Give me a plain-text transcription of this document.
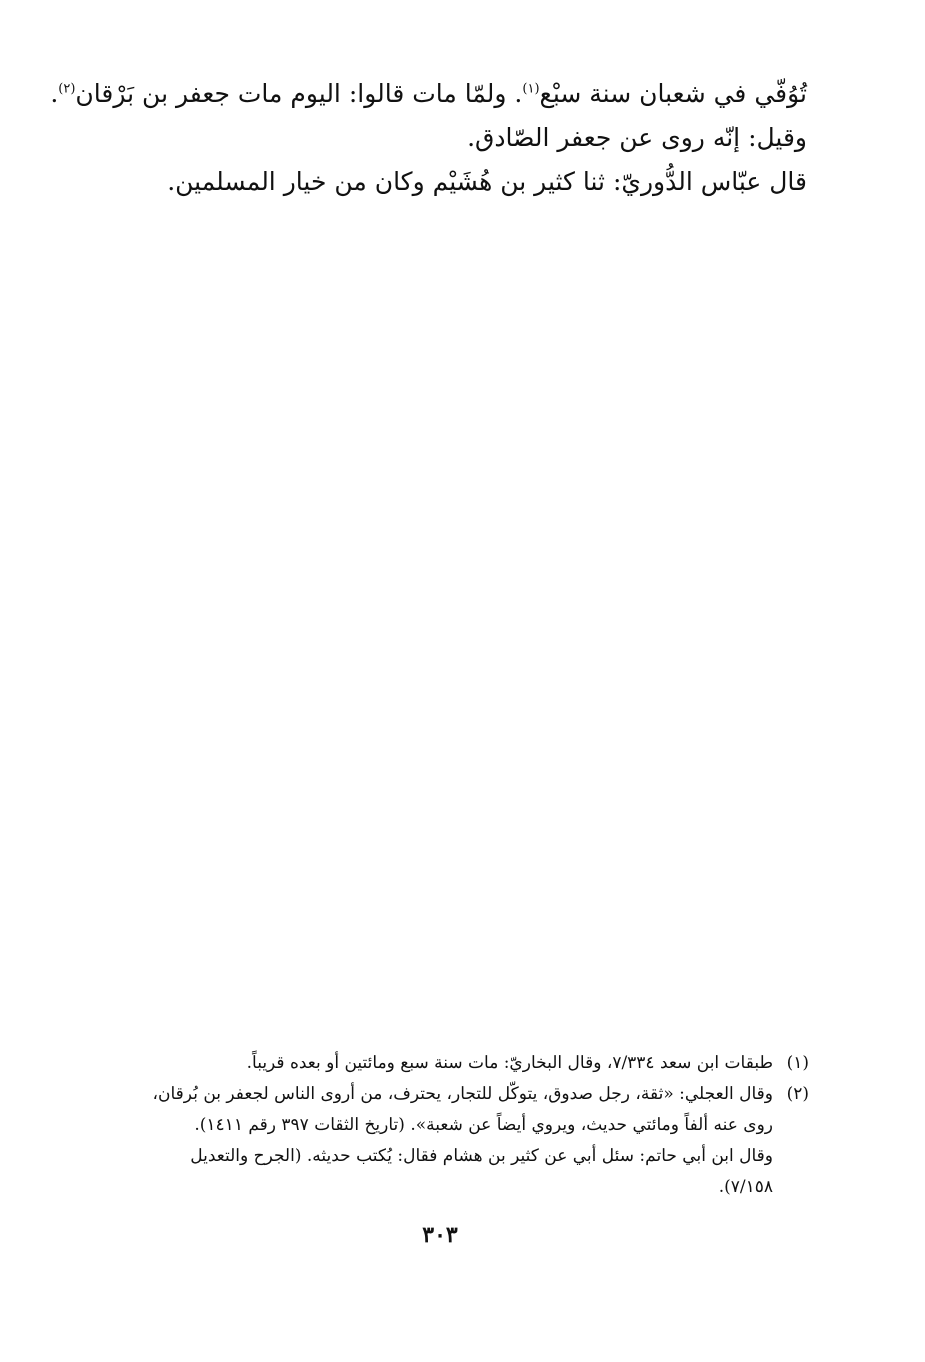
تُوُفّي في شعبان سنة سبْع$^{(١)}$. ولمّا مات قالوا: اليوم مات جعفر بن بَرْقان$^{(٢)}$.
وقيل: إنّه روى عن جعفر الصّادق.
قال عبّاس الدُّوريّ: ثنا كثير بن هُشَيْم وكان من خيار المسلمين.
(١)
طبقات ابن سعد ٧/٣٣٤، وقال البخاريّ: مات سنة سبع ومائتين أو بعده قريباً.
(٢)
وقال العجلي: «ثقة، رجل صدوق، يتوكّل للتجار، يحترف، من أروى الناس لجعفر بن بُرقان،
روى عنه ألفاً ومائتي حديث، ويروي أيضاً عن شعبة». (تاريخ الثقات ٣٩٧ رقم ١٤١١).
وقال ابن أبي حاتم: سئل أبي عن كثير بن هشام فقال: يُكتب حديثه. (الجرح والتعديل
٧/١٥٨).
٣٠٣
